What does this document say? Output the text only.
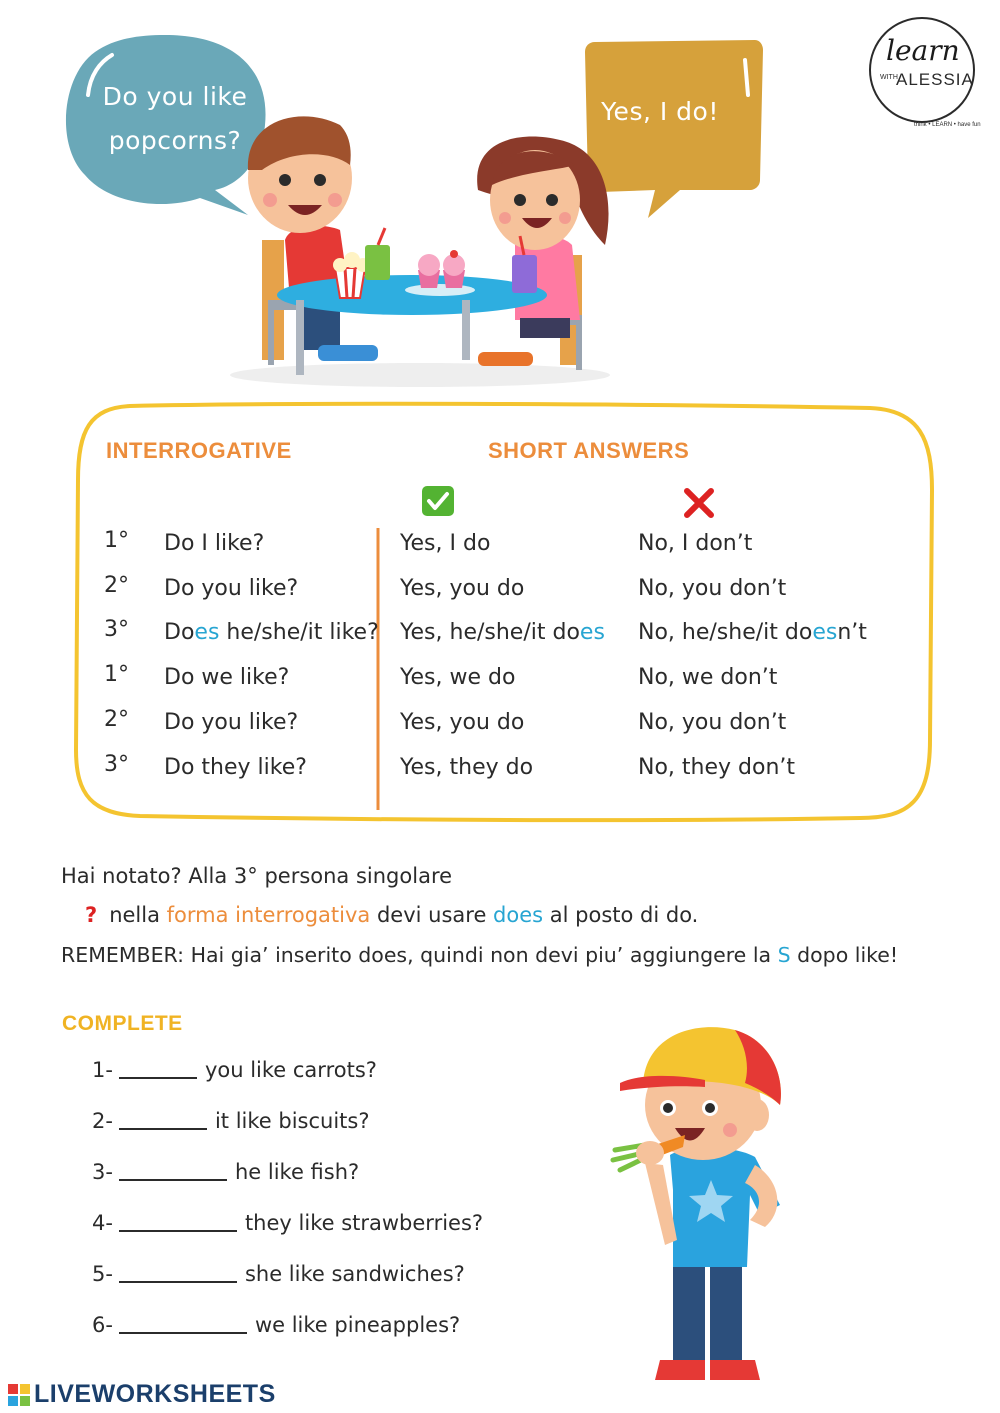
Do you like
popcorns?
Yes, I do!
learn
WITH
ALESSIA
think • LEARN • have fun
INTERROGATIVE	SHORT ANSWERS
1° Do I like?	Yes, I do	No, I don’t
2° Do you like?	Yes, you do	No, you don’t
3° Does he/she/it like? Yes, he/she/it does No, he/she/it doesn’t
1° Do we like?	Yes, we do	No, we don’t
2° Do you like?	Yes, you do	No, you don’t
3° Do they like?	Yes, they do	No, they don’t
Hai notato? Alla 3° persona singolare
? nella forma interrogativa devi usare does al posto di do.
REMEMBER: Hai gia’ inserito does, quindi non devi piu’ aggiungere la S dopo like!
COMPLETE
1-	you like carrots?
2-	it like biscuits?
3-	he like fish?
4-	they like strawberries?
5-	she like sandwiches?
6-	we like pineapples?
LIVEWORKSHEETS
